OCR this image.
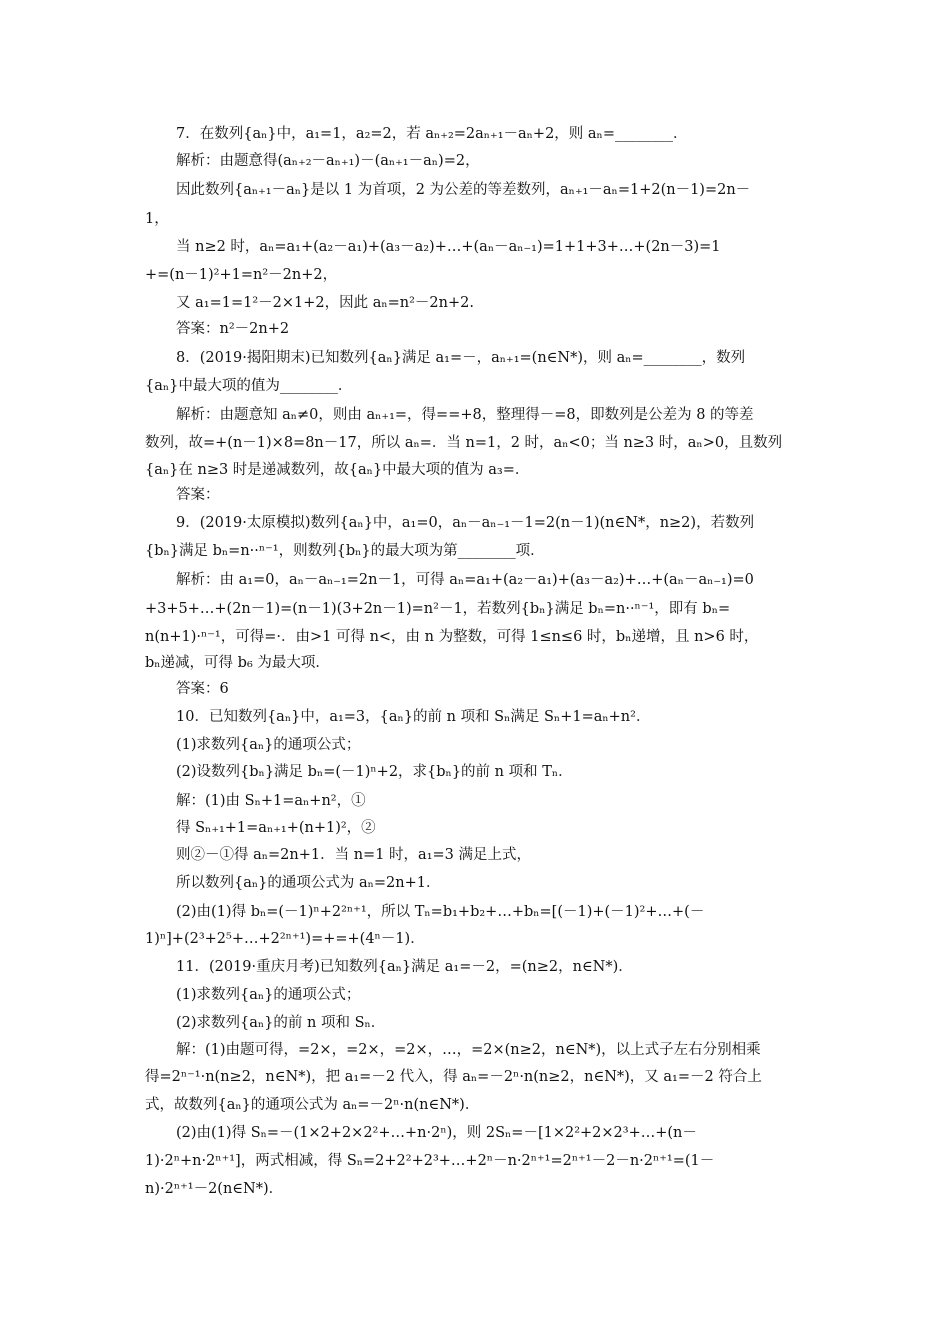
7．在数列{aₙ}中，a₁=1，a₂=2，若 aₙ₊₂=2aₙ₊₁－aₙ+2，则 aₙ=________．
解析：由题意得(aₙ₊₂－aₙ₊₁)－(aₙ₊₁－aₙ)=2，
因此数列{aₙ₊₁－aₙ}是以 1 为首项，2 为公差的等差数列，aₙ₊₁－aₙ=1+2(n－1)=2n－
1，
当 n≥2 时，aₙ=a₁+(a₂－a₁)+(a₃－a₂)+…+(aₙ－aₙ₋₁)=1+1+3+…+(2n－3)=1
+=(n－1)²+1=n²－2n+2，
又 a₁=1=1²－2×1+2，因此 aₙ=n²－2n+2.
答案：n²－2n+2
8．(2019·揭阳期末)已知数列{aₙ}满足 a₁=－，aₙ₊₁=(n∈N*)，则 aₙ=________，数列
{aₙ}中最大项的值为________．
解析：由题意知 aₙ≠0，则由 aₙ₊₁=，得==+8，整理得－=8，即数列是公差为 8 的等差
数列，故=+(n－1)×8=8n－17，所以 aₙ=．当 n=1，2 时，aₙ<0；当 n≥3 时，aₙ>0，且数列
{aₙ}在 n≥3 时是递减数列，故{aₙ}中最大项的值为 a₃=．
答案：
9．(2019·太原模拟)数列{aₙ}中，a₁=0，aₙ－aₙ₋₁－1=2(n－1)(n∈N*，n≥2)，若数列
{bₙ}满足 bₙ=n··ⁿ⁻¹，则数列{bₙ}的最大项为第________项．
解析：由 a₁=0，aₙ－aₙ₋₁=2n－1，可得 aₙ=a₁+(a₂－a₁)+(a₃－a₂)+…+(aₙ－aₙ₋₁)=0
+3+5+…+(2n－1)=(n－1)(3+2n－1)=n²－1，若数列{bₙ}满足 bₙ=n··ⁿ⁻¹，即有 bₙ=
n(n+1)·ⁿ⁻¹，可得=·．由>1 可得 n<，由 n 为整数，可得 1≤n≤6 时，bₙ递增，且 n>6 时，
bₙ递减，可得 b₆ 为最大项．
答案：6
10．已知数列{aₙ}中，a₁=3，{aₙ}的前 n 项和 Sₙ满足 Sₙ+1=aₙ+n²．
(1)求数列{aₙ}的通项公式；
(2)设数列{bₙ}满足 bₙ=(－1)ⁿ+2，求{bₙ}的前 n 项和 Tₙ．
解：(1)由 Sₙ+1=aₙ+n²，①
得 Sₙ₊₁+1=aₙ₊₁+(n+1)²，②
则②－①得 aₙ=2n+1．当 n=1 时，a₁=3 满足上式，
所以数列{aₙ}的通项公式为 aₙ=2n+1．
(2)由(1)得 bₙ=(－1)ⁿ+2²ⁿ⁺¹，所以 Tₙ=b₁+b₂+…+bₙ=[(－1)+(－1)²+…+(－
1)ⁿ]+(2³+2⁵+…+2²ⁿ⁺¹)=+=+(4ⁿ－1)．
11．(2019·重庆月考)已知数列{aₙ}满足 a₁=－2，=(n≥2，n∈N*)．
(1)求数列{aₙ}的通项公式；
(2)求数列{aₙ}的前 n 项和 Sₙ．
解：(1)由题可得，=2×，=2×，=2×，…，=2×(n≥2，n∈N*)，以上式子左右分别相乘
得=2ⁿ⁻¹·n(n≥2，n∈N*)，把 a₁=－2 代入，得 aₙ=－2ⁿ·n(n≥2，n∈N*)，又 a₁=－2 符合上
式，故数列{aₙ}的通项公式为 aₙ=－2ⁿ·n(n∈N*)．
(2)由(1)得 Sₙ=－(1×2+2×2²+…+n·2ⁿ)，则 2Sₙ=－[1×2²+2×2³+…+(n－
1)·2ⁿ+n·2ⁿ⁺¹]，两式相减，得 Sₙ=2+2²+2³+…+2ⁿ－n·2ⁿ⁺¹=2ⁿ⁺¹－2－n·2ⁿ⁺¹=(1－
n)·2ⁿ⁺¹－2(n∈N*)．
